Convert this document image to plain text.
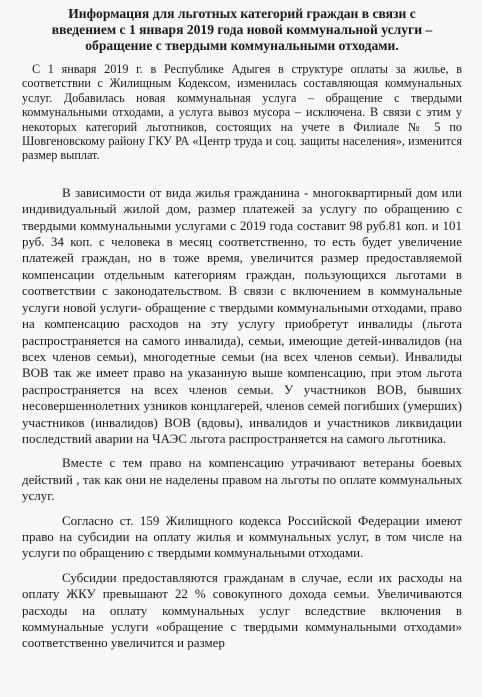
Информация для льготных категорий граждан в связи с
введением с 1 января 2019 года новой коммунальной услуги –
обращение с твердыми коммунальными отходами.

С 1 января 2019 г. в Республике Адыгея в структуре оплаты за жилье, в соответствии с Жилищным Кодексом, изменилась составляющая коммунальных услуг. Добавилась новая коммунальная услуга – обращение с твердыми коммунальными отходами, а услуга вывоз мусора – исключена. В связи с этим у некоторых категорий льготников, состоящих на учете в Филиале № 5 по Шовгеновскому району ГКУ РА «Центр труда и соц. защиты населения», изменится размер выплат.

В зависимости от вида жилья гражданина - многоквартирный дом или индивидуальный жилой дом, размер платежей за услугу по обращению с твердыми коммунальными услугами с 2019 года составит 98 руб.81 коп. и 101 руб. 34 коп. с человека в месяц соответственно, то есть будет увеличение платежей граждан, но в тоже время, увеличится размер предоставляемой компенсации отдельным категориям граждан, пользующихся льготами в соответствии с законодательством. В связи с включением в коммунальные услуги новой услуги- обращение с твердыми коммунальными отходами, право на компенсацию расходов на эту услугу приобретут инвалиды (льгота распространяется на самого инвалида), семьи, имеющие детей-инвалидов (на всех членов семьи), многодетные семьи (на всех членов семьи). Инвалиды ВОВ так же имеет право на указанную выше компенсацию, при этом льгота распространяется на всех членов семьи. У участников ВОВ, бывших несовершеннолетних узников концлагерей, членов семей погибших (умерших) участников (инвалидов) ВОВ (вдовы), инвалидов и участников ликвидации последствий аварии на ЧАЭС льгота распространяется на самого льготника.

Вместе с тем право на компенсацию утрачивают ветераны боевых действий , так как они не наделены правом на льготы по оплате коммунальных услуг.

Согласно ст. 159 Жилищного кодекса Российской Федерации имеют право на субсидии на оплату жилья и коммунальных услуг, в том числе на услуги по обращению с твердыми коммунальными отходами.

Субсидии предоставляются гражданам в случае, если их расходы на оплату ЖКУ превышают 22 % совокупного дохода семьи. Увеличиваются расходы на оплату коммунальных услуг вследствие включения в коммунальные услуги «обращение с твердыми коммунальными отходами» соответственно увеличится и размер
